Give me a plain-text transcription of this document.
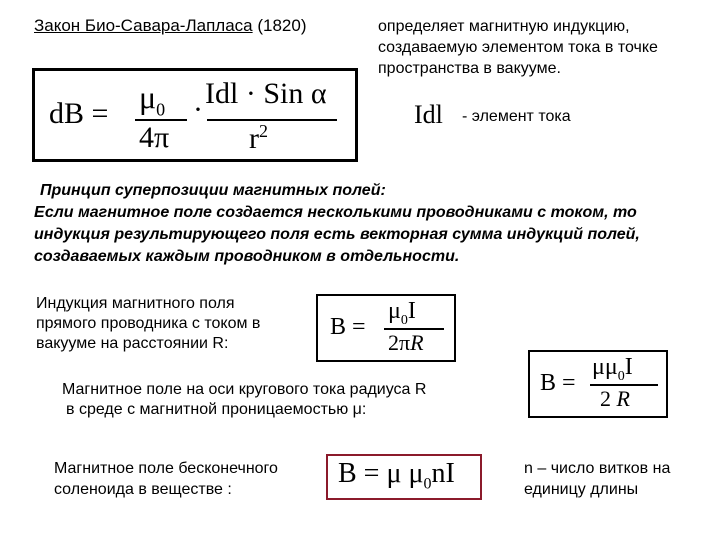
Закон Био-Савара-Лапласа (1820)	определяет магнитную индукцию, создаваемую элементом тока в точке пространства в вакууме.
dB = $\mu_0$
4π
· Idl · Sin α
$r^2$
Idl - элемент тока
Принцип суперпозиции магнитных полей:
Если магнитное поле создается несколькими проводниками с током, то индукция результирующего поля есть векторная сумма индукций полей, создаваемых каждым проводником в отдельности.
Индукция магнитного поля прямого проводника с током в вакууме на расстоянии R:
B =
$\mu_0I$
2πR
Магнитное поле на оси кругового тока радиуса R
в среде с магнитной проницаемостью μ:
B =
$\mu\mu_0I$
2 R
Магнитное поле бесконечного соленоида в веществе :
B = μ $\mu_0nI$	n – число витков на единицу длины
